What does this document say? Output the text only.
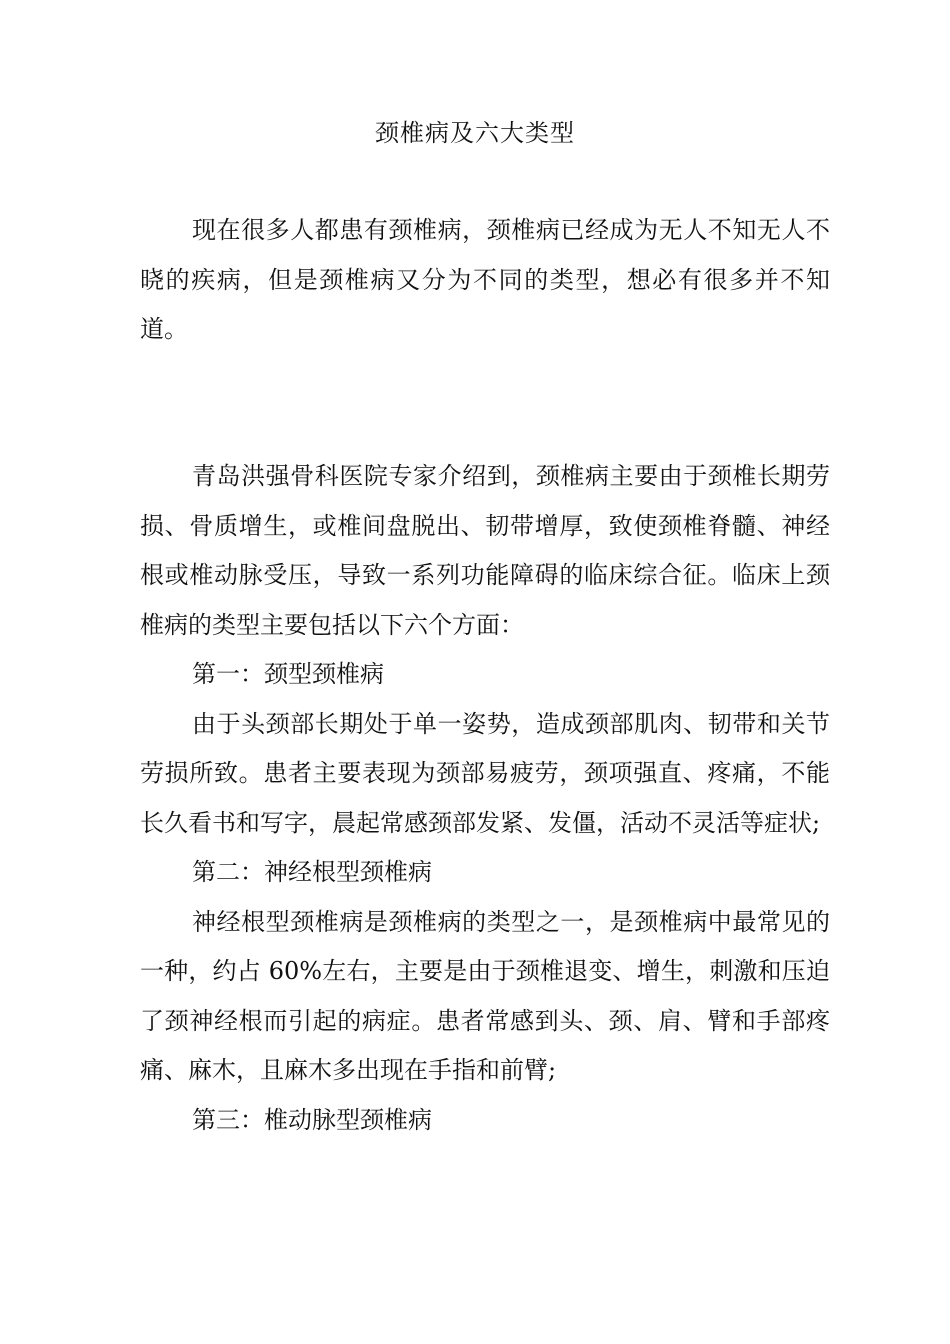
颈椎病及六大类型

现在很多人都患有颈椎病，颈椎病已经成为无人不知无人不晓的疾病，但是颈椎病又分为不同的类型，想必有很多并不知道。

青岛洪强骨科医院专家介绍到，颈椎病主要由于颈椎长期劳损、骨质增生，或椎间盘脱出、韧带增厚，致使颈椎脊髓、神经根或椎动脉受压，导致一系列功能障碍的临床综合征。临床上颈椎病的类型主要包括以下六个方面：

第一：颈型颈椎病

由于头颈部长期处于单一姿势，造成颈部肌肉、韧带和关节劳损所致。患者主要表现为颈部易疲劳，颈项强直、疼痛，不能长久看书和写字，晨起常感颈部发紧、发僵，活动不灵活等症状;

第二：神经根型颈椎病

神经根型颈椎病是颈椎病的类型之一，是颈椎病中最常见的一种，约占 60%左右，主要是由于颈椎退变、增生，刺激和压迫了颈神经根而引起的病症。患者常感到头、颈、肩、臂和手部疼痛、麻木，且麻木多出现在手指和前臂;

第三：椎动脉型颈椎病
